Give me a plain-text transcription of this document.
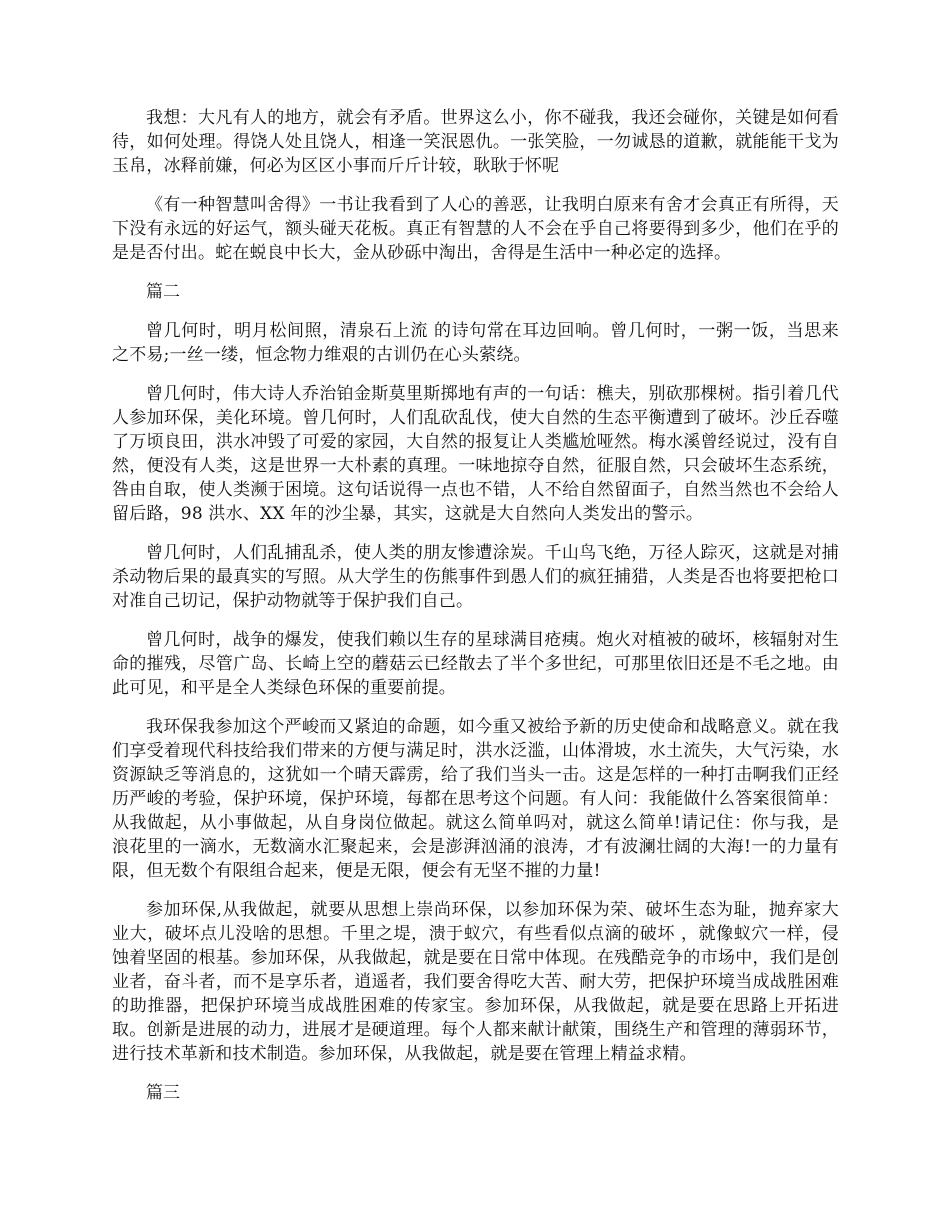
我想：大凡有人的地方，就会有矛盾。世界这么小，你不碰我，我还会碰你，关键是如何看待，如何处理。得饶人处且饶人，相逢一笑泯恩仇。一张笑脸，一勿诚恳的道歉，就能能干戈为玉帛，冰释前嫌，何必为区区小事而斤斤计较，耿耿于怀呢

《有一种智慧叫舍得》一书让我看到了人心的善恶，让我明白原来有舍才会真正有所得，天下没有永远的好运气，额头碰天花板。真正有智慧的人不会在乎自己将要得到多少，他们在乎的是是否付出。蛇在蜕良中长大，金从砂砾中淘出，舍得是生活中一种必定的选择。

篇二

曾几何时，明月松间照，清泉石上流 的诗句常在耳边回响。曾几何时，一粥一饭，当思来之不易;一丝一缕，恒念物力维艰的古训仍在心头萦绕。

曾几何时，伟大诗人乔治铂金斯莫里斯掷地有声的一句话：樵夫，别砍那棵树。指引着几代人参加环保，美化环境。曾几何时，人们乱砍乱伐，使大自然的生态平衡遭到了破坏。沙丘吞噬了万顷良田，洪水冲毁了可爱的家园，大自然的报复让人类尴尬哑然。梅水溪曾经说过，没有自然，便没有人类，这是世界一大朴素的真理。一味地掠夺自然，征服自然，只会破坏生态系统，咎由自取，使人类濒于困境。这句话说得一点也不错，人不给自然留面子，自然当然也不会给人留后路，98 洪水、XX 年的沙尘暴，其实，这就是大自然向人类发出的警示。

曾几何时，人们乱捕乱杀，使人类的朋友惨遭涂炭。千山鸟飞绝，万径人踪灭，这就是对捕杀动物后果的最真实的写照。从大学生的伤熊事件到愚人们的疯狂捕猎，人类是否也将要把枪口对准自己切记，保护动物就等于保护我们自己。

曾几何时，战争的爆发，使我们赖以生存的星球满目疮痍。炮火对植被的破坏，核辐射对生命的摧残，尽管广岛、长崎上空的蘑菇云已经散去了半个多世纪，可那里依旧还是不毛之地。由此可见，和平是全人类绿色环保的重要前提。

我环保我参加这个严峻而又紧迫的命题，如今重又被给予新的历史使命和战略意义。就在我们享受着现代科技给我们带来的方便与满足时，洪水泛滥，山体滑坡，水土流失，大气污染，水资源缺乏等消息的，这犹如一个晴天霹雳，给了我们当头一击。这是怎样的一种打击啊我们正经历严峻的考验，保护环境，保护环境，每都在思考这个问题。有人问：我能做什么答案很简单：从我做起，从小事做起，从自身岗位做起。就这么简单吗对，就这么简单!请记住：你与我，是浪花里的一滴水，无数滴水汇聚起来，会是澎湃汹涌的浪涛，才有波澜壮阔的大海!一的力量有限，但无数个有限组合起来，便是无限，便会有无坚不摧的力量!

参加环保,从我做起，就要从思想上崇尚环保，以参加环保为荣、破坏生态为耻，抛弃家大业大，破坏点儿没啥的思想。千里之堤，溃于蚁穴，有些看似点滴的破坏 ，就像蚁穴一样，侵蚀着坚固的根基。参加环保，从我做起，就是要在日常中体现。在残酷竞争的市场中，我们是创业者，奋斗者，而不是享乐者，逍遥者，我们要舍得吃大苦、耐大劳，把保护环境当成战胜困难的助推器，把保护环境当成战胜困难的传家宝。参加环保，从我做起，就是要在思路上开拓进取。创新是进展的动力，进展才是硬道理。每个人都来献计献策，围绕生产和管理的薄弱环节，进行技术革新和技术制造。参加环保，从我做起，就是要在管理上精益求精。

篇三
